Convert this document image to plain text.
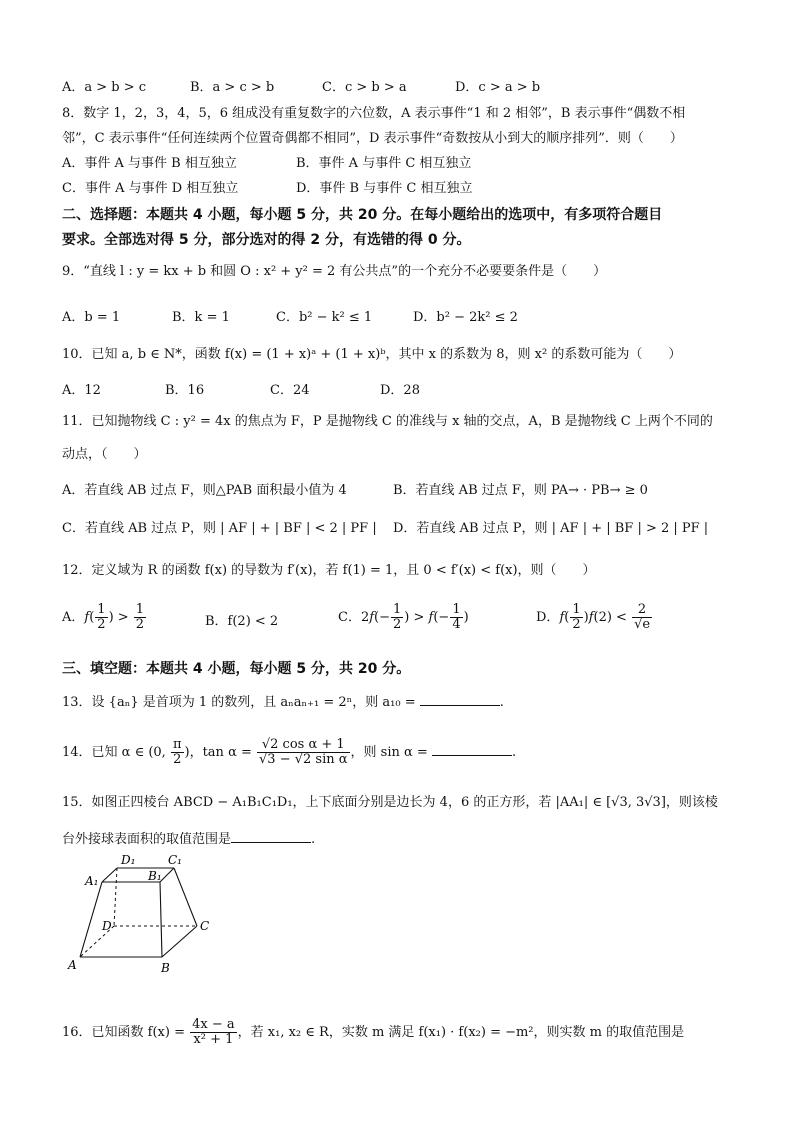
A．a > b > c	B．a > c > b	C．c > b > a	D．c > a > b
8．数字 1，2，3，4，5，6 组成没有重复数字的六位数，A 表示事件“1 和 2 相邻”，B 表示事件“偶数不相
邻”，C 表示事件“任何连续两个位置奇偶都不相同”，D 表示事件“奇数按从小到大的顺序排列”．则（　　）
A．事件 A 与事件 B 相互独立	B．事件 A 与事件 C 相互独立
C．事件 A 与事件 D 相互独立	D．事件 B 与事件 C 相互独立
二、选择题：本题共 4 小题，每小题 5 分，共 20 分。在每小题给出的选项中，有多项符合题目
要求。全部选对得 5 分，部分选对的得 2 分，有选错的得 0 分。
9．“直线 l : y = kx + b 和圆 O : x² + y² = 2 有公共点”的一个充分不必要要条件是（　　）
A．b = 1	B．k = 1	C．b² − k² ≤ 1	D．b² − 2k² ≤ 2
10．已知 a, b ∈ N*，函数 f(x) = (1 + x)ᵃ + (1 + x)ᵇ，其中 x 的系数为 8，则 x² 的系数可能为（　　）
A．12	B．16	C．24	D．28
11．已知抛物线 C : y² = 4x 的焦点为 F，P 是抛物线 C 的准线与 x 轴的交点，A，B 是抛物线 C 上两个不同的
动点，（　　）
A．若直线 AB 过点 F，则△PAB 面积最小值为 4	B．若直线 AB 过点 F，则 PA→ · PB→ ≥ 0
C．若直线 AB 过点 P，则 | AF | + | BF | < 2 | PF | D．若直线 AB 过点 P，则 | AF | + | BF | > 2 | PF |
12．定义域为 R 的函数 f(x) 的导数为 f′(x)，若 f(1) = 1，且 0 < f′(x) < f(x)，则（　　）
A．$f( \frac{1}{2}$ ) > $\frac{1}{2}$	B．f(2) < 2	C．$2f(- \frac{1}{2}$ ) > $f(- \frac{1}{4}$ )	D．$f( \frac{1}{2} )f(2) < \frac{2}{√e}$
三、填空题：本题共 4 小题，每小题 5 分，共 20 分。
13．设 {aₙ} 是首项为 1 的数列，且 aₙaₙ₊₁ = 2ⁿ，则 a₁₀ =	.
14．已知 α ∈ (0, $\frac{\pi}{2}$ )，$\tan \alpha = \frac{\text{√2 cos α + 1}}{\text{√3 − √2 sin α}}$ ，则 sin α =	.
15．如图正四棱台 ABCD − A₁B₁C₁D₁，上下底面分别是边长为 4，6 的正方形，若 |AA₁| ∈ [√3, 3√3]，则该棱
台外接球表面积的取值范围是	.
D₁	C₁
A₁	B₁
D	C
A	B
16．已知函数 $f(x) = \frac{4x - a}{\text{x² + 1}}$ ，若 x₁, x₂ ∈ R，实数 m 满足 f(x₁) · f(x₂) = −m²，则实数 m 的取值范围是
